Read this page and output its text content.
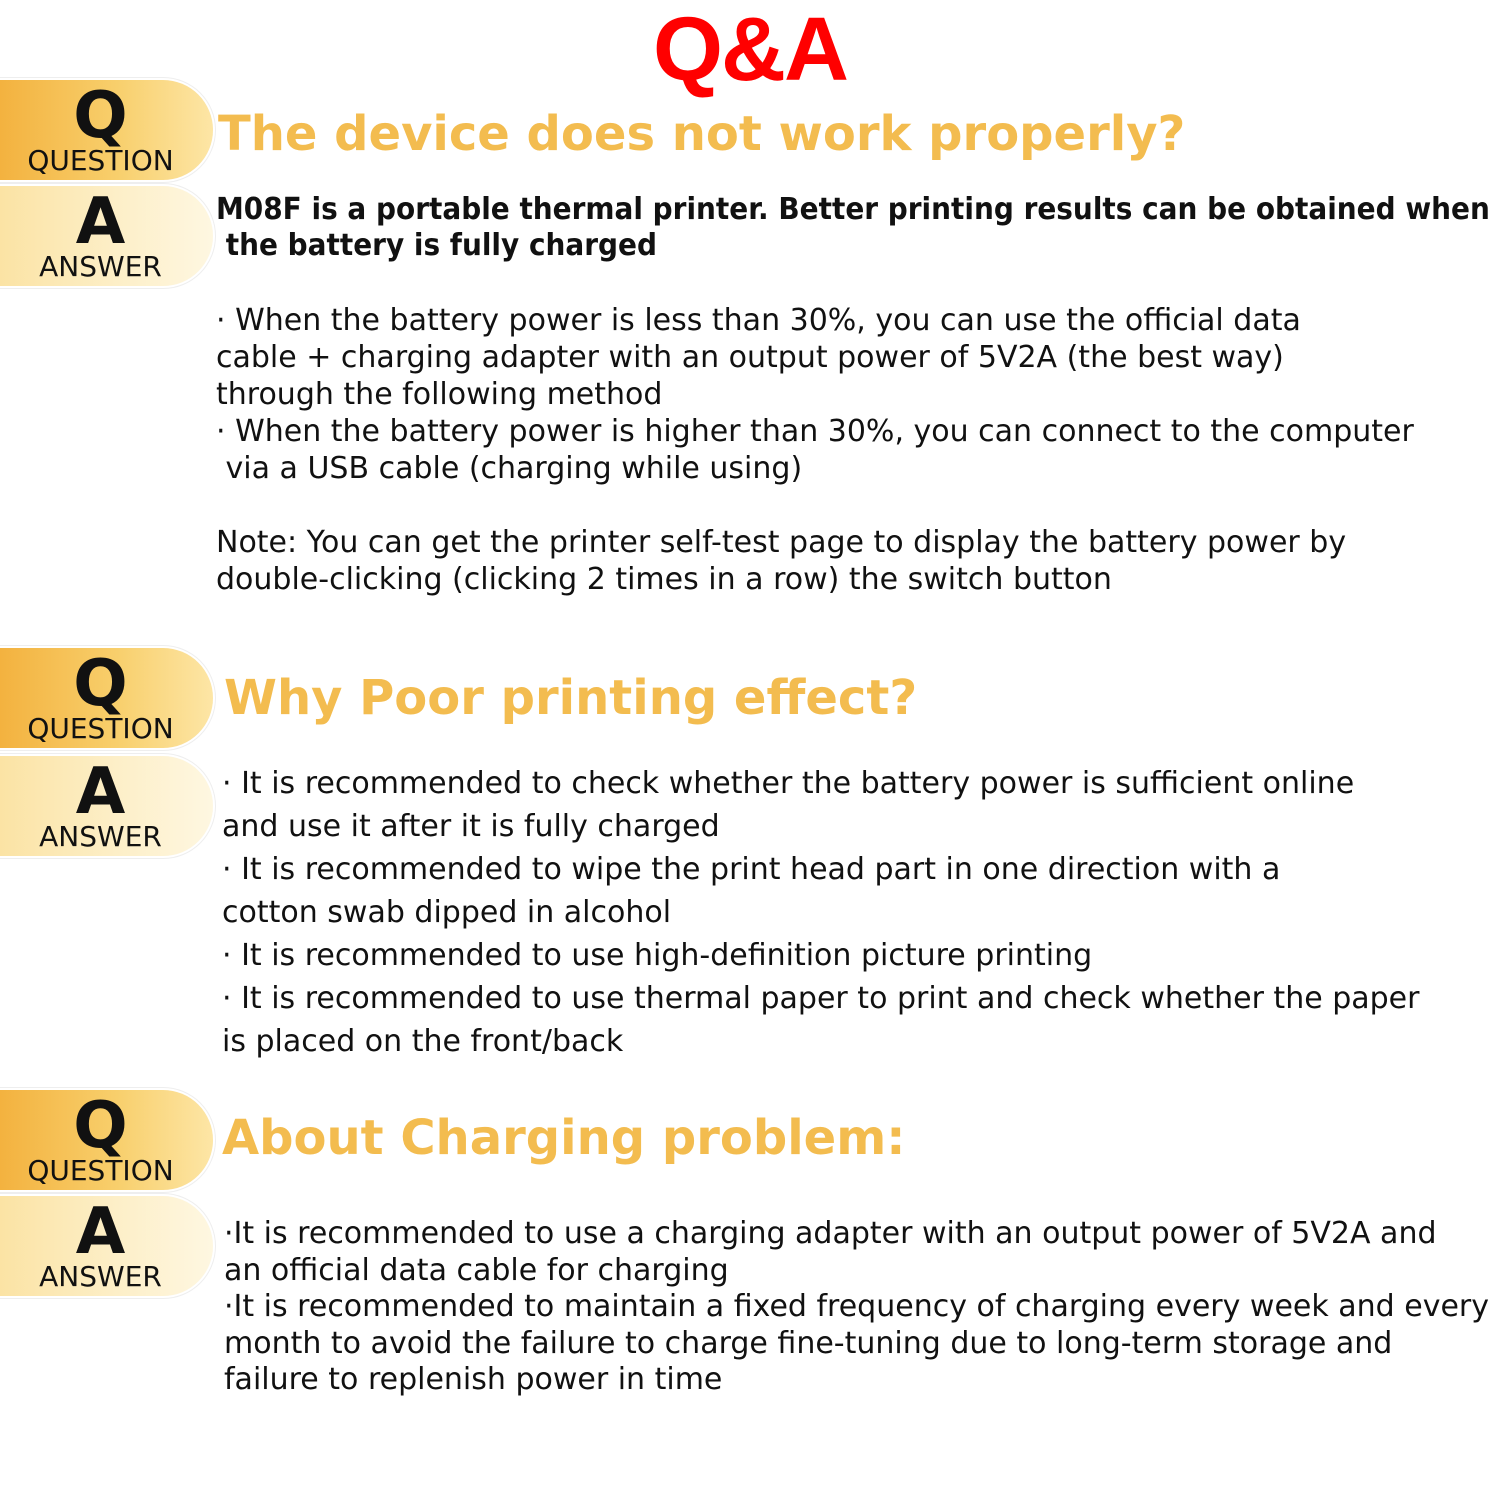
Q&A
Q
QUESTION The device does not work properly?
A
ANSWER
M08F is a portable thermal printer. Better printing results can be obtained when
the battery is fully charged
· When the battery power is less than 30%, you can use the official data
cable + charging adapter with an output power of 5V2A (the best way)
through the following method
· When the battery power is higher than 30%, you can connect to the computer
via a USB cable (charging while using)
Note: You can get the printer self-test page to display the battery power by
double-clicking (clicking 2 times in a row) the switch button
Q
QUESTION
Why Poor printing effect?
A
ANSWER
· It is recommended to check whether the battery power is sufficient online
and use it after it is fully charged
· It is recommended to wipe the print head part in one direction with a
cotton swab dipped in alcohol
· It is recommended to use high-definition picture printing
· It is recommended to use thermal paper to print and check whether the paper
is placed on the front/back
Q
QUESTION
About Charging problem:
A
ANSWER
·It is recommended to use a charging adapter with an output power of 5V2A and
an official data cable for charging
·It is recommended to maintain a fixed frequency of charging every week and every
month to avoid the failure to charge fine-tuning due to long-term storage and
failure to replenish power in time
